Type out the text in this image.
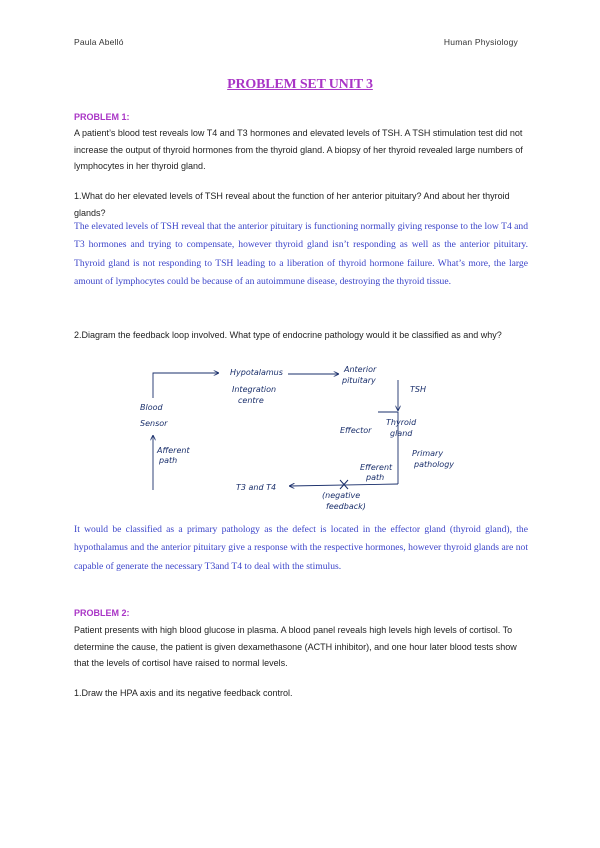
Paula Abelló	Human Physiology
PROBLEM SET UNIT 3
PROBLEM 1:
A patient’s blood test reveals low T4 and T3 hormones and elevated levels of TSH. A TSH stimulation test did not increase the output of thyroid hormones from the thyroid gland. A biopsy of her thyroid revealed large numbers of lymphocytes in her thyroid gland.
1.What do her elevated levels of TSH reveal about the function of her anterior pituitary? And about her thyroid glands?
The elevated levels of TSH reveal that the anterior pituitary is functioning normally giving response to the low T4 and T3 hormones and trying to compensate, however thyroid gland isn’t responding as well as the anterior pituitary. Thyroid gland is not responding to TSH leading to a liberation of thyroid hormone failure. What’s more, the large amount of lymphocytes could be because of an autoimmune disease, destroying the thyroid tissue.
2.Diagram the feedback loop involved. What type of endocrine pathology would it be classified as and why?
Hypotalamus
Integration
centre
Anterior
pituitary
TSH
Blood
Sensor
Effector
Thyroid
gland
Primary
pathology
Efferent
path
Afferent
path
T3 and T4
(negative
feedback)
It would be classified as a primary pathology as the defect is located in the effector gland (thyroid gland), the hypothalamus and the anterior pituitary give a response with the respective hormones, however thyroid glands are not capable of generate the necessary T3and T4 to deal with the stimulus.
PROBLEM 2:
Patient presents with high blood glucose in plasma. A blood panel reveals high levels high levels of cortisol. To determine the cause, the patient is given dexamethasone (ACTH inhibitor), and one hour later blood tests show that the levels of cortisol have raised to normal levels.
1.Draw the HPA axis and its negative feedback control.
